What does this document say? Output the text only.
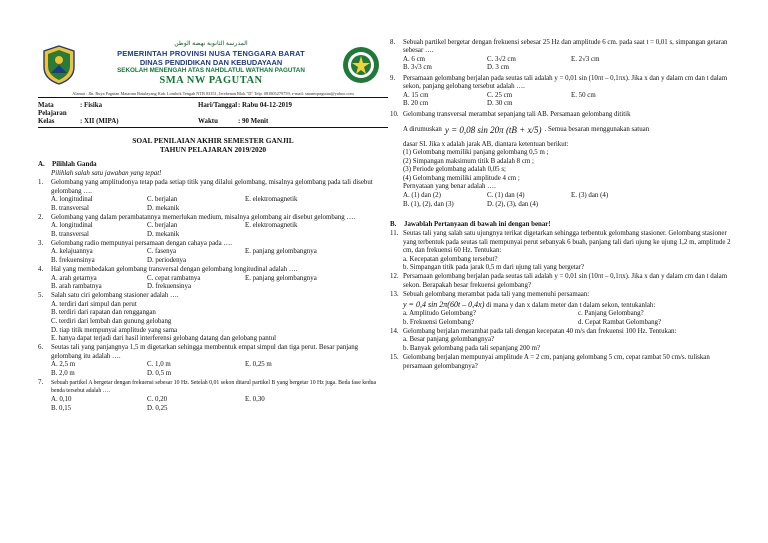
المدرسة الثانوية نهضة الوطن
PEMERINTAH PROVINSI NUSA TENGGARA BARAT
DINAS PENDIDIKAN DAN KEBUDAYAAN
SEKOLAH MENENGAH ATAS NAHDLATUL WATHAN PAGUTAN
SMA NW PAGUTAN
Alamat : Jln. Ruya Pagutan Mataram Batulayang Kab. Lombok Tengah NTB 83351, Jerebenan Blok "D" Telp. 081805279759, e-mail: smanwpagutan@yahoo.com
Mata Pelajaran	: Fisika	Hari/Tanggal	: Rabu 04-12-2019
Kelas	: XII (MIPA)	Waktu	: 90 Menit
SOAL PENILAIAN AKHIR SEMESTER GANJIL
TAHUN PELAJARAN 2019/2020
A. Pilihlah Ganda
Pilihlah salah satu jawaban yang tepat!
1.	Gelombang yang amplitudonya tetap pada setiap titik yang dilalui gelombang, misalnya gelombang pada tali disebut gelombang ….
A. longitudinal	C. berjalan	E. elektromagnetik
B. transversal	D. mekanik
2.	Gelombang yang dalam perambatannya memerlukan medium, misalnya gelombang air disebut gelombang ….
A. longitudinal	C. berjalan	E. elektromagnetik
B. transversal	D. mekanik
3.	Gelombang radio mempunyai persamaan dengan cahaya pada ….
A. kelajuannya	C. fasenya	E. panjang gelombangnya
B. frekuensinya	D. periodenya
4.	Hal yang membedakan gelombang transversal dengan gelombang longitudinal adalah ….
A. arah getarnya	C. cepat rambatnya	E. panjang gelombangnya
B. arah rambatnya	D. frekuensinya
5.	Salah satu ciri gelombang stasioner adalah ….
A. terdiri dari simpul dan perut
B. terdiri dari rapatan dan renggangan
C. terdiri dari lembah dan gunung gelobang
D. tiap titik mempunyai amplitude yang sama
E. hanya dapat terjadi dari hasil interferensi gelobang datang dan gelobang pantul
6.	Seutas tali yang panjangnya 1,5 m digetarkan sehingga membentuk empat simpul dan tiga perut. Besar panjang gelombang itu adalah ….
A. 2,5 m	C. 1,0 m	E. 0,25 m
B. 2,0 m	D. 0,5 m
7.	Sebuah partikel A bergetar dengan frekuensi sebesar 10 Hz. Setelah 0,01 sekon ditarul partikel B yang bergetar 10 Hz juga. Beda fase kedua benda tersebut adalah ….
A. 0,10	C. 0,20	E. 0,30
B. 0,15	D. 0,25
8.	Sebuah partikel bergetar dengan frekuensi sebesar 25 Hz dan amplitude 6 cm. pada saat t = 0,01 s, simpangan getaran sebesar ….
A. 6 cm	C. 3√2 cm	E. 2√3 cm
B. 3√3 cm	D. 3 cm
9.	Persamaan gelombang berjalan pada seutas tali adalah y = 0,01 sin (10πt – 0,1πx). Jika x dan y dalam cm dan t dalam sekon, panjang gelobang tersebut adalah ….
A. 15 cm	C. 25 cm	E. 50 cm
B. 20 cm	D. 30 cm
10. Gelombang transversal merambat sepanjang tali AB. Persamaan gelombang dititik
A dirumuskan y = 0,08 sin 20π (tB + x/5) . Semua besaran menggunakan satuan
dasar SI. Jika x adalah jarak AB, diantara ketentuan berikut:
(1) Gelombang memiliki panjang gelombang 0,5 m ;
(2) Simpangan maksimum titik B adalah 8 cm ;
(3) Periode gelombang adalah 0,05 s;
(4) Gelombang memiliki amplitude 4 cm ;
Pernyataan yang benar adalah ….
A. (1) dan (2)	C. (1) dan (4)	E. (3) dan (4)
B. (1), (2), dan (3)	D. (2), (3), dan (4)
B. Jawablah Pertanyaan di bawah ini dengan benar!
11. Seutas tali yang salah satu ujungnya terikat digetarkan sehingga terbentuk gelombang stasioner. Gelombang stasioner yang terbentuk pada seutas tali mempunyai perut sebanyak 6 buah, panjang tali dari ujung ke ujung 1,2 m, amplitude 2 cm, dan frekuensi 60 Hz. Tentukan:
a. Kecepatan gelombang tersebut?
b. Simpangan titik pada jarak 0,5 m dari ujung tali yang bergetar?
12. Persamaan gelombang berjalan pada seutas tali adalah y = 0,01 sin (10πt – 0,1πx). Jika x dan y dalam cm dan t dalam sekon. Berapakah besar frekuensi gelombang?
13. Sebuah gelombang merambat pada tali yang memenuhi persamaan:
y = 0,4 sin 2π(60t – 0,4x) di mana y dan x dalam meter dan t dalam sekon, tentukanlah:
a. Amplitudo Gelombang?	c. Panjang Gelombang?
b. Frekuensi Gelombang?	d. Cepat Rambat Gelombang?
14. Gelombang berjalan merambat pada tali dengan kecepatan 40 m/s dan frekuensi 100 Hz. Tentukan:
a. Besar panjang gelombangnya?
b. Banyak gelombang pada tali sepanjang 200 m?
15. Gelombang berjalan mempunyai amplitude A = 2 cm, panjang gelombang 5 cm, cepat rambat 50 cm/s. tuliskan persamaan gelombangnya?
